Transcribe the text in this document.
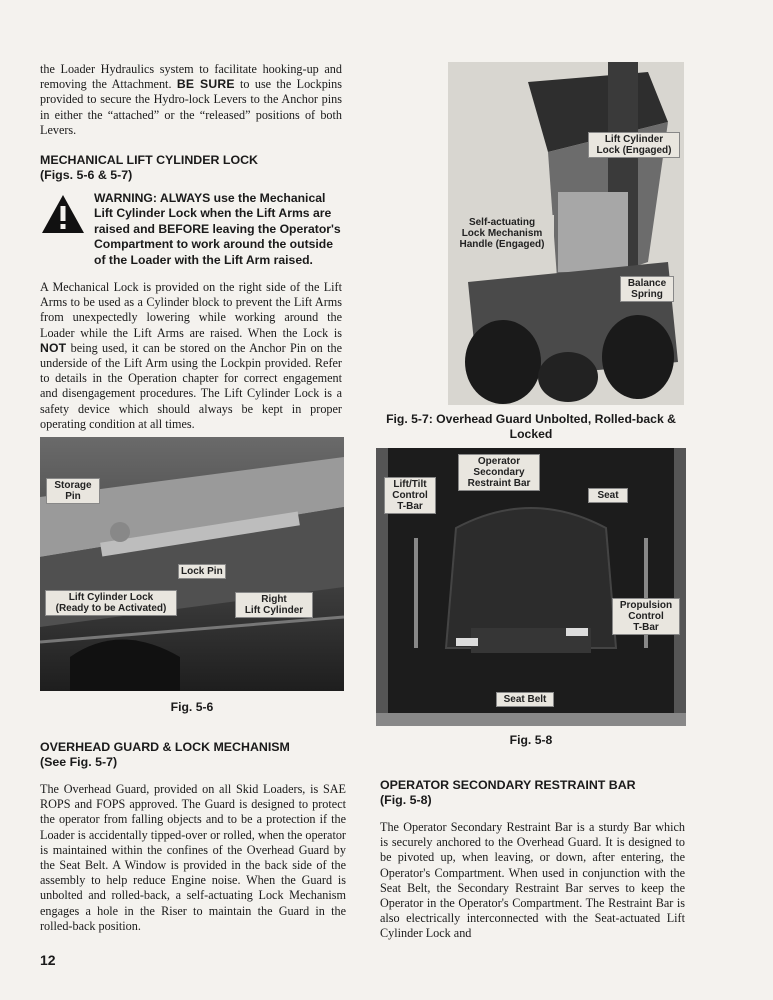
the Loader Hydraulics system to facilitate hooking-up and removing the Attachment. BE SURE to use the Lockpins provided to secure the Hydro-lock Levers to the Anchor pins in either the “attached” or the “released” positions of both Levers.

MECHANICAL LIFT CYLINDER LOCK

(Figs. 5-6 & 5-7)

WARNING: ALWAYS use the Mechanical Lift Cylinder Lock when the Lift Arms are raised and BEFORE leaving the Operator's Compartment to work around the outside of the Loader with the Lift Arm raised.

A Mechanical Lock is provided on the right side of the Lift Arms to be used as a Cylinder block to prevent the Lift Arms from unexpectedly lowering while working around the Loader while the Lift Arms are raised. When the Lock is NOT being used, it can be stored on the Anchor Pin on the underside of the Lift Arm using the Lockpin provided. Refer to details in the Operation chapter for correct engagement and disengagement procedures. The Lift Cylinder Lock is a safety device which should always be kept in proper operating condition at all times.

Storage
Pin
Lock Pin
Lift Cylinder Lock
(Ready to be Activated)
Right
Lift Cylinder
Fig. 5-6

OVERHEAD GUARD & LOCK MECHANISM

(See Fig. 5-7)

The Overhead Guard, provided on all Skid Loaders, is SAE ROPS and FOPS approved. The Guard is designed to protect the operator from falling objects and to be a protection if the Loader is accidentally tipped-over or rolled, when the operator is maintained within the confines of the Overhead Guard by the Seat Belt. A Window is provided in the back side of the assembly to help reduce Engine noise. When the Guard is unbolted and rolled-back, a self-actuating Lock Mechanism engages a hole in the Riser to maintain the Guard in the rolled-back position.

Lift Cylinder
Lock (Engaged)
Self-actuating
Lock Mechanism
Handle (Engaged)
Balance
Spring
Fig. 5-7: Overhead Guard Unbolted, Rolled-back & Locked
Operator
Secondary
Restraint Bar
Lift/Tilt
Control
T-Bar
Seat
Propulsion
Control
T-Bar
Seat Belt
Fig. 5-8

OPERATOR SECONDARY RESTRAINT BAR

(Fig. 5-8)

The Operator Secondary Restraint Bar is a sturdy Bar which is securely anchored to the Overhead Guard. It is designed to be pivoted up, when leaving, or down, after entering, the Operator's Compartment. When used in conjunction with the Seat Belt, the Secondary Restraint Bar serves to keep the Operator in the Operator's Compartment. The Restraint Bar is also electrically interconnected with the Seat-actuated Lift Cylinder Lock and

12
